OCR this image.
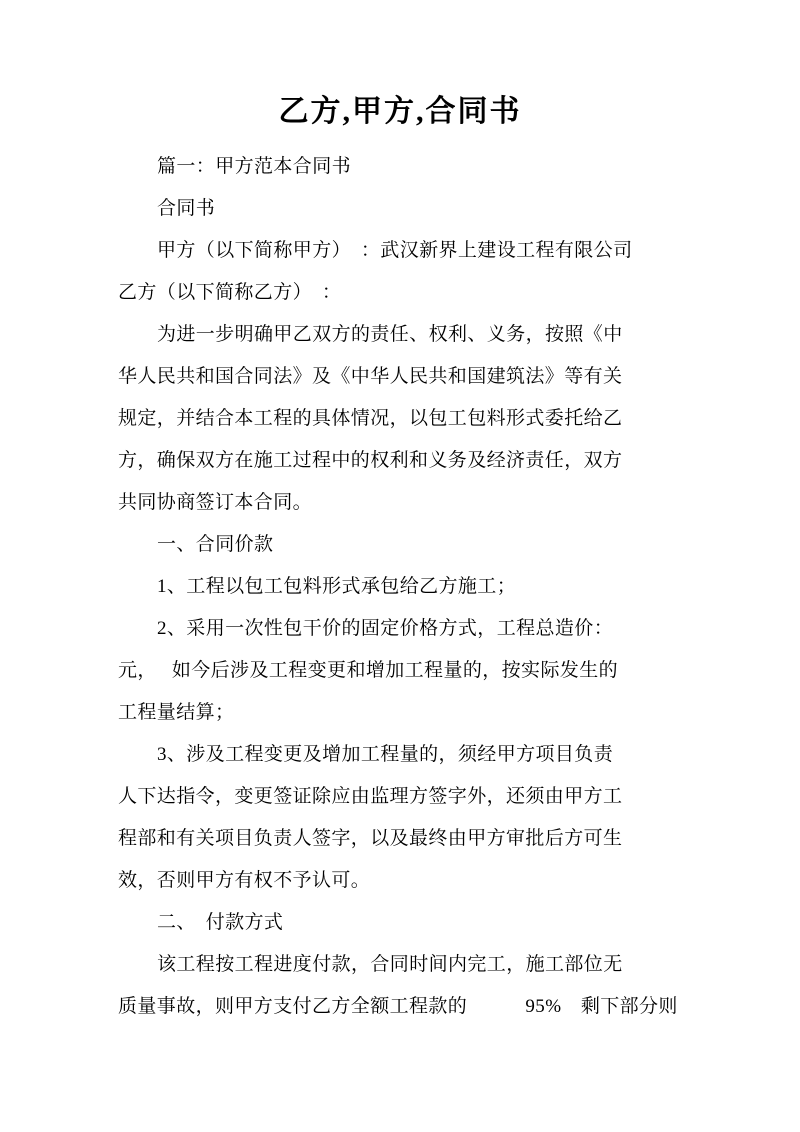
乙方,甲方,合同书
篇一：甲方范本合同书
合同书
甲方（以下简称甲方）　：武汉新界上建设工程有限公司
乙方（以下简称乙方）　：
为进一步明确甲乙双方的责任、权利、义务，按照《中
华人民共和国合同法》及《中华人民共和国建筑法》等有关
规定，并结合本工程的具体情况，以包工包料形式委托给乙
方，确保双方在施工过程中的权利和义务及经济责任，双方
共同协商签订本合同。
一、合同价款
1、工程以包工包料形式承包给乙方施工；
2、采用一次性包干价的固定价格方式，工程总造价：
元，　 如今后涉及工程变更和增加工程量的，按实际发生的
工程量结算；
3、涉及工程变更及增加工程量的，须经甲方项目负责
人下达指令，变更签证除应由监理方签字外，还须由甲方工
程部和有关项目负责人签字，以及最终由甲方审批后方可生
效，否则甲方有权不予认可。
二、　付款方式
该工程按工程进度付款，合同时间内完工，施工部位无
质量事故，则甲方支付乙方全额工程款的　　　95%　剩下部分则
